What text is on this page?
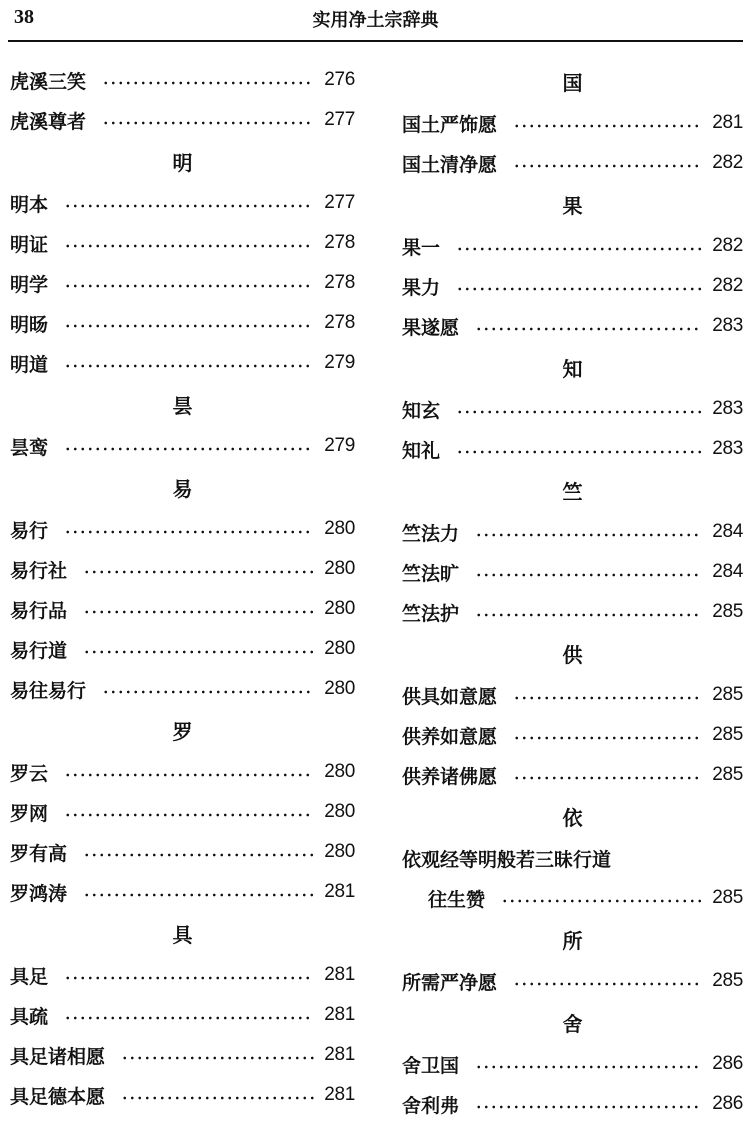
38	实用净土宗辞典
虎溪三笑	276
虎溪尊者	277
明
明本	277
明证	278
明学	278
明旸	278
明道	279
昙
昙鸾	279
易
易行	280
易行社	280
易行品	280
易行道	280
易往易行	280
罗
罗云	280
罗网	280
罗有高	280
罗鸿涛	281
具
具足	281
具疏	281
具足诸相愿	281
具足德本愿	281
国
国土严饰愿	281
国土清净愿	282
果
果一	282
果力	282
果遂愿	283
知
知玄	283
知礼	283
竺
竺法力	284
竺法旷	284
竺法护	285
供
供具如意愿	285
供养如意愿	285
供养诸佛愿	285
依
依观经等明般若三昧行道
往生赞	285
所
所需严净愿	285
舍
舍卫国	286
舍利弗	286
